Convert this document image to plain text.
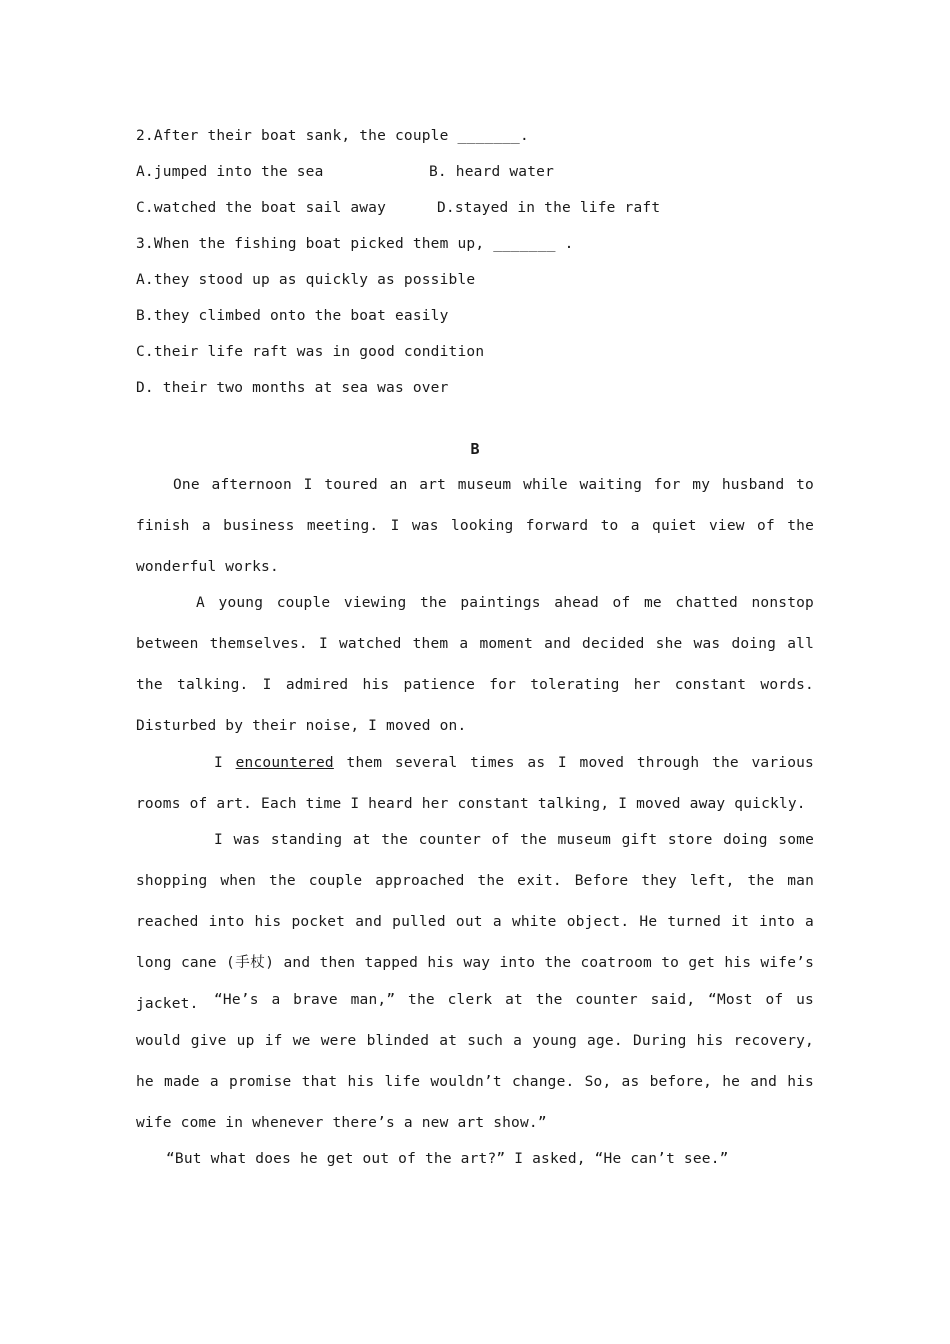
2.After their boat sank, the couple _______.
A.jumped into the sea	B. heard water
C.watched the boat sail away	D.stayed in the life raft
3.When the fishing boat picked them up, _______ .
A.they stood up as quickly as possible
B.they climbed onto the boat easily
C.their life raft was in good condition
D. their two months at sea was over
B
One afternoon I toured an art museum while waiting for my husband to finish a business meeting. I was looking forward to a quiet view of the wonderful works.
A young couple viewing the paintings ahead of me chatted nonstop between themselves. I watched them a moment and decided she was doing all the talking. I admired his patience for tolerating her constant words. Disturbed by their noise, I moved on.
I encountered them several times as I moved through the various rooms of art. Each time I heard her constant talking, I moved away quickly.
I was standing at the counter of the museum gift store doing some shopping when the couple approached the exit. Before they left, the man reached into his pocket and pulled out a white object. He turned it into a long cane (手杖) and then tapped his way into the coatroom to get his wife’s jacket.	“He’s a brave man,” the clerk at the counter said, “Most of us would give up if we were blinded at such a young age. During his recovery, he made a promise that his life wouldn’t change. So, as before, he and his wife come in whenever there’s a new art show.”
“But what does he get out of the art?” I asked, “He can’t see.”
